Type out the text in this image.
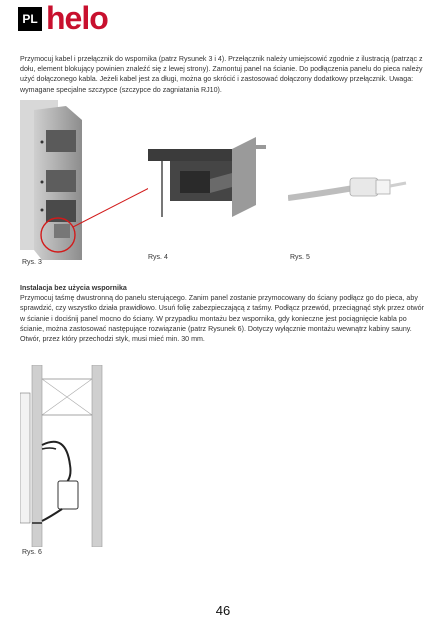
PL helo
Przymocuj kabel i przełącznik do wspornika (patrz Rysunek 3 i 4). Przełącznik należy umiejscowić zgodnie z ilustracją (patrząc z dołu, element blokujący powinien znaleźć się z lewej strony). Zamontuj panel na ścianie. Do podłączenia panelu do pieca należy użyć dołączonego kabla. Jeżeli kabel jest za długi, można go skrócić i zastosować dołączony dodatkowy przełącznik. Uwaga: wymagane specjalne szczypce (szczypce do zagniatania RJ10).
Rys. 3
Rys. 4	Rys. 5
Instalacja bez użycia wspornika
Przymocuj taśmę dwustronną do panelu sterującego. Zanim panel zostanie przymocowany do ściany podłącz go do pieca, aby sprawdzić, czy wszystko działa prawidłowo. Usuń folię zabezpieczającą z taśmy. Podłącz przewód, przeciągnąć styk przez otwór w ścianie i dociśnij panel mocno do ściany. W przypadku montażu bez wspornika, gdy konieczne jest pociągnięcie kabla po ścianie, można zastosować następujące rozwiązanie (patrz Rysunek 6). Dotyczy wyłącznie montażu wewnątrz kabiny sauny. Otwór, przez który przechodzi styk, musi mieć min. 30 mm.
Rys. 6
46
